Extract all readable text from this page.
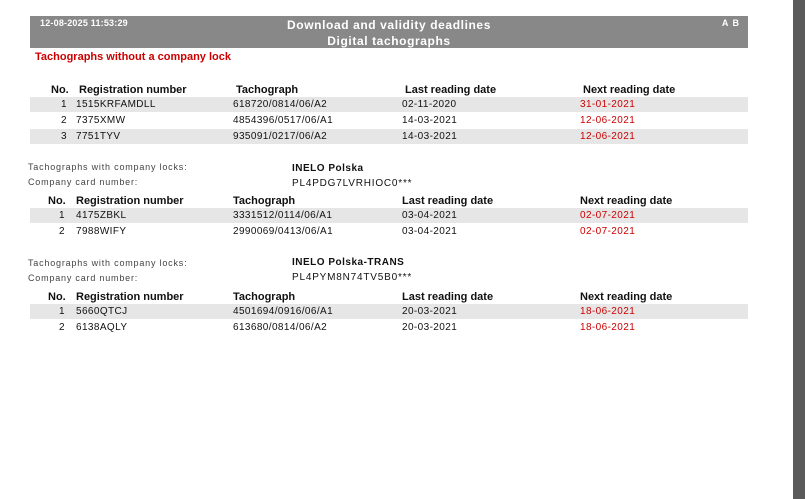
12-08-2025 11:53:29	Download and validity deadlines
Digital tachographs
A B
Tachographs without a company lock
No. Registration number	Tachograph	Last reading date	Next reading date
1 1515KRFAMDLL	618720/0814/06/A2	02-11-2020	31-01-2021
2 7375XMW	4854396/0517/06/A1	14-03-2021	12-06-2021
3 7751TYV	935091/0217/06/A2	14-03-2021	12-06-2021
Tachographs with company locks:
Company card number:
INELO Polska
PL4PDG7LVRHIOC0***
No. Registration number	Tachograph	Last reading date	Next reading date
1 4175ZBKL	3331512/0114/06/A1	03-04-2021	02-07-2021
2 7988WIFY	2990069/0413/06/A1	03-04-2021	02-07-2021
Tachographs with company locks:
Company card number:
INELO Polska-TRANS
PL4PYM8N74TV5B0***
No. Registration number	Tachograph	Last reading date	Next reading date
1 5660QTCJ	4501694/0916/06/A1	20-03-2021	18-06-2021
2 6138AQLY	613680/0814/06/A2	20-03-2021	18-06-2021
